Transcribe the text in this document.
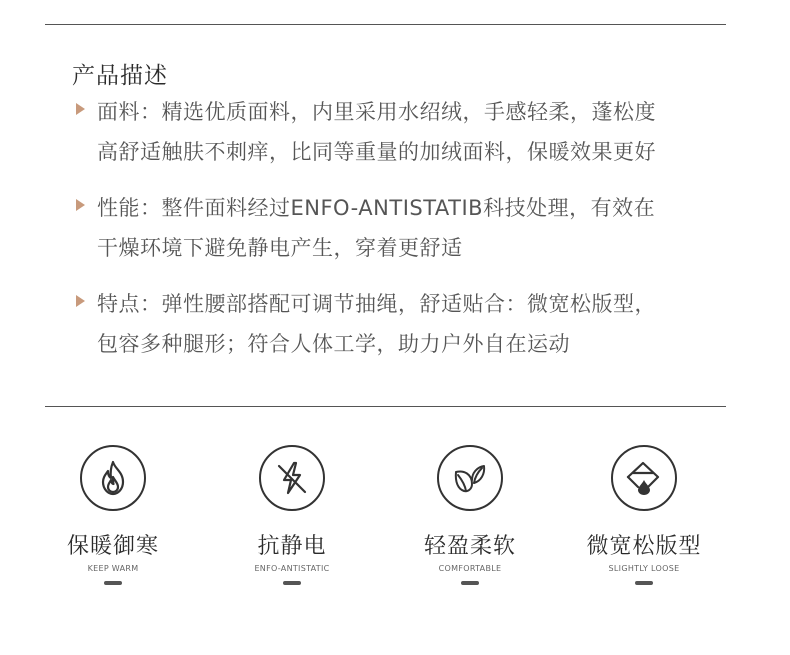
产品描述
面料：精选优质面料，内里采用水绍绒，手感轻柔，蓬松度
高舒适触肤不刺痒，比同等重量的加绒面料，保暖效果更好
性能：整件面料经过ENFO-ANTISTATIB科技处理，有效在
干燥环境下避免静电产生，穿着更舒适
特点：弹性腰部搭配可调节抽绳，舒适贴合：微宽松版型，
包容多种腿形；符合人体工学，助力户外自在运动
保暖御寒
KEEP WARM
抗静电
ENFO-ANTISTATIC
轻盈柔软
COMFORTABLE
微宽松版型
SLIGHTLY LOOSE
